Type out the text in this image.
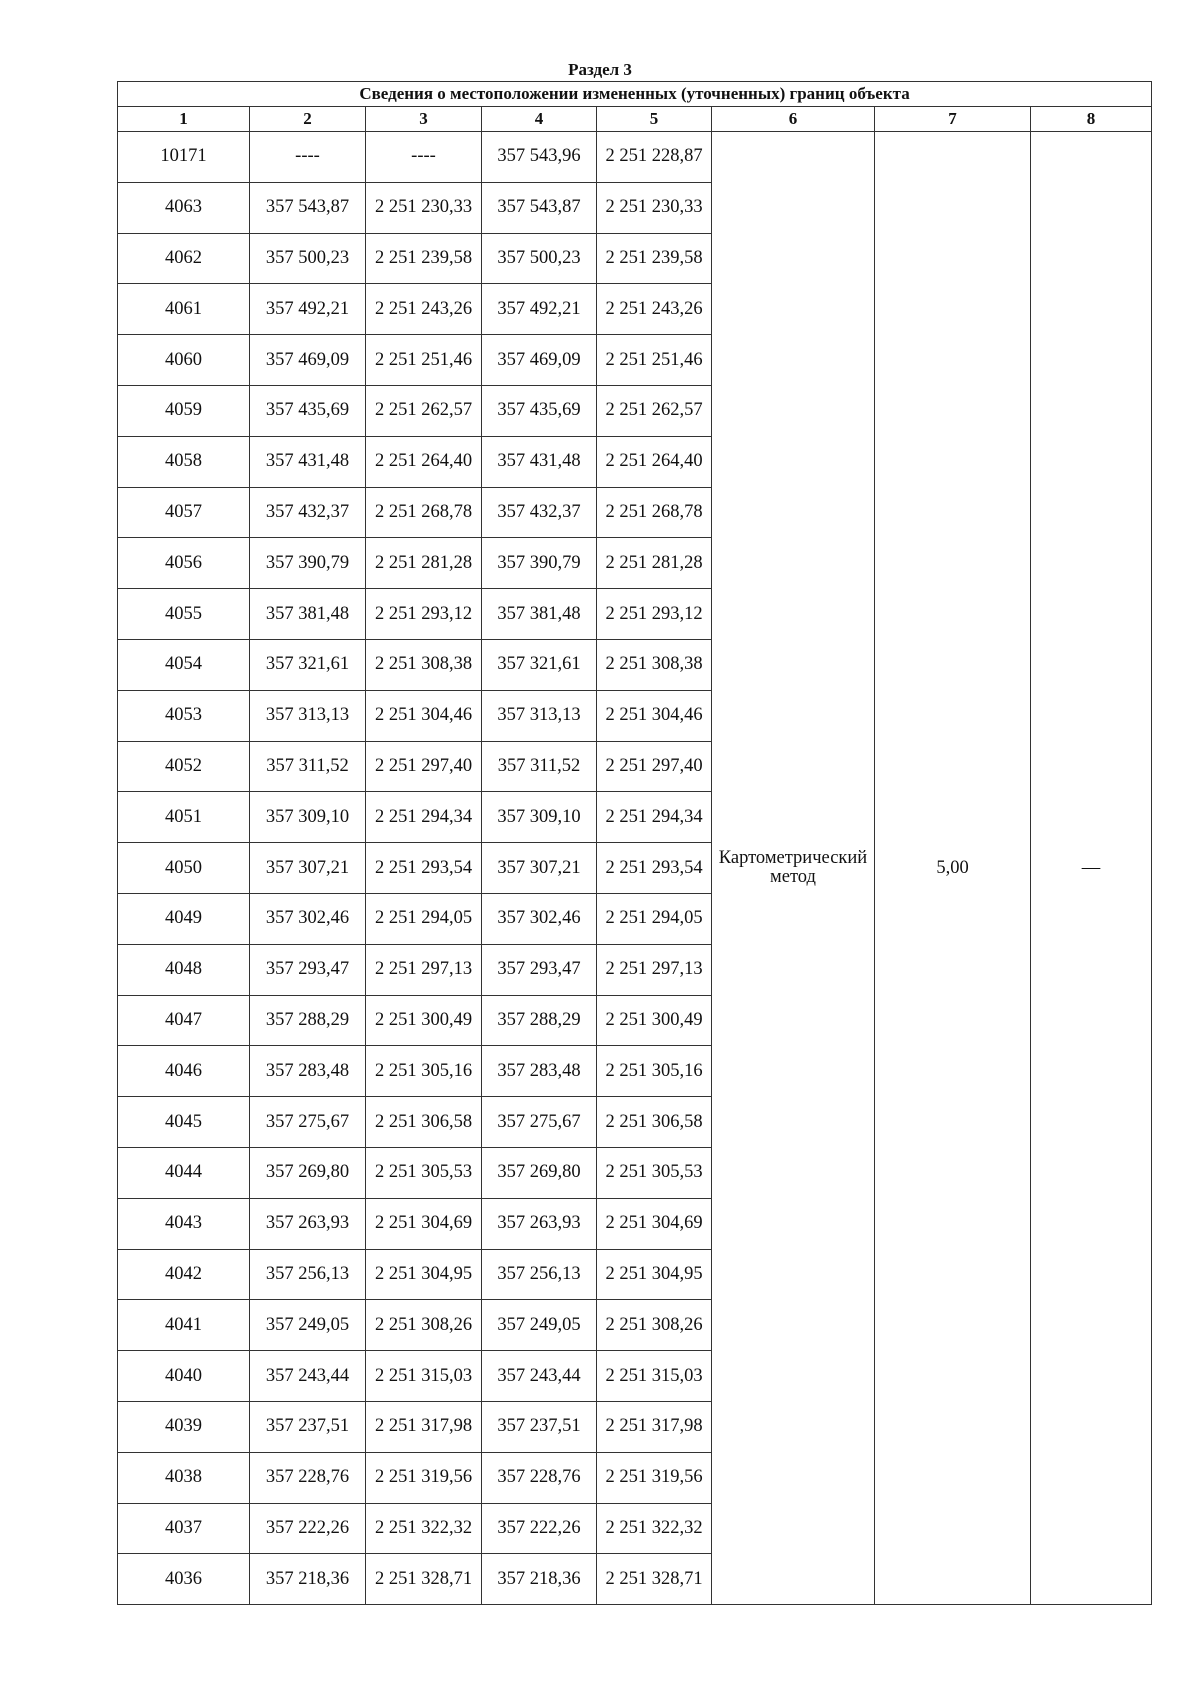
Раздел 3
Сведения о местоположении измененных (уточненных) границ объекта							
1	2	3	4	5	6	7	8
10171	----	----	357 543,96	2 251 228,87	Картометрический
метод	5,00	—
4063	357 543,87	2 251 230,33	357 543,87	2 251 230,33			
4062	357 500,23	2 251 239,58	357 500,23	2 251 239,58			
4061	357 492,21	2 251 243,26	357 492,21	2 251 243,26			
4060	357 469,09	2 251 251,46	357 469,09	2 251 251,46			
4059	357 435,69	2 251 262,57	357 435,69	2 251 262,57			
4058	357 431,48	2 251 264,40	357 431,48	2 251 264,40			
4057	357 432,37	2 251 268,78	357 432,37	2 251 268,78			
4056	357 390,79	2 251 281,28	357 390,79	2 251 281,28			
4055	357 381,48	2 251 293,12	357 381,48	2 251 293,12			
4054	357 321,61	2 251 308,38	357 321,61	2 251 308,38			
4053	357 313,13	2 251 304,46	357 313,13	2 251 304,46			
4052	357 311,52	2 251 297,40	357 311,52	2 251 297,40			
4051	357 309,10	2 251 294,34	357 309,10	2 251 294,34			
4050	357 307,21	2 251 293,54	357 307,21	2 251 293,54			
4049	357 302,46	2 251 294,05	357 302,46	2 251 294,05			
4048	357 293,47	2 251 297,13	357 293,47	2 251 297,13			
4047	357 288,29	2 251 300,49	357 288,29	2 251 300,49			
4046	357 283,48	2 251 305,16	357 283,48	2 251 305,16			
4045	357 275,67	2 251 306,58	357 275,67	2 251 306,58			
4044	357 269,80	2 251 305,53	357 269,80	2 251 305,53			
4043	357 263,93	2 251 304,69	357 263,93	2 251 304,69			
4042	357 256,13	2 251 304,95	357 256,13	2 251 304,95			
4041	357 249,05	2 251 308,26	357 249,05	2 251 308,26			
4040	357 243,44	2 251 315,03	357 243,44	2 251 315,03			
4039	357 237,51	2 251 317,98	357 237,51	2 251 317,98			
4038	357 228,76	2 251 319,56	357 228,76	2 251 319,56			
4037	357 222,26	2 251 322,32	357 222,26	2 251 322,32			
4036	357 218,36	2 251 328,71	357 218,36	2 251 328,71			
